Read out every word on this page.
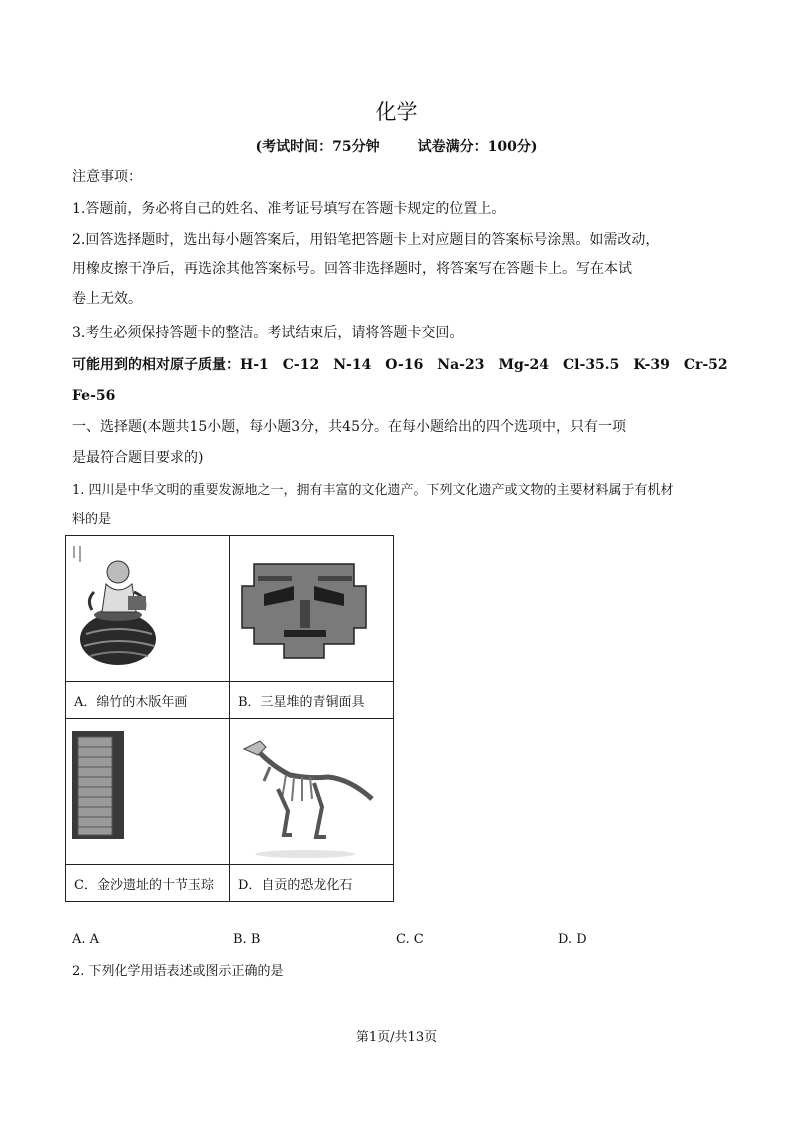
化学
(考试时间：75分钟	试卷满分：100分)
注意事项：
1.答题前，务必将自己的姓名、准考证号填写在答题卡规定的位置上。
2.回答选择题时，选出每小题答案后，用铅笔把答题卡上对应题目的答案标号涂黑。如需改动，
用橡皮擦干净后，再选涂其他答案标号。回答非选择题时，将答案写在答题卡上。写在本试
卷上无效。
3.考生必须保持答题卡的整洁。考试结束后，请将答题卡交回。
可能用到的相对原子质量：H-1　C-12　N-14　O-16　Na-23　Mg-24　Cl-35.5　K-39　Cr-52
Fe-56
一、选择题(本题共15小题，每小题3分，共45分。在每小题给出的四个选项中，只有一项
是最符合题目要求的)
1. 四川是中华文明的重要发源地之一，拥有丰富的文化遗产。下列文化遗产或文物的主要材料属于有机材
料的是

A．绵竹的木版年画	B．三星堆的青铜面具

C．金沙遗址的十节玉琮	D．自贡的恐龙化石
A. A	B. B	C. C	D. D
2. 下列化学用语表述或图示正确的是
第1页/共13页
